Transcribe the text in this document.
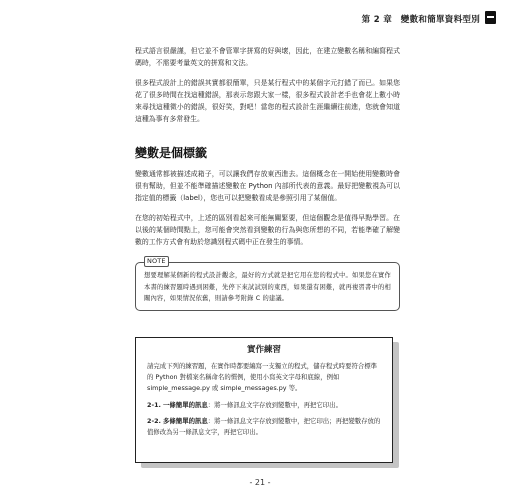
第 2 章　變數和簡單資料型別

程式語言很嚴謹，但它並不會管單字拼寫的好與壞，因此，在建立變數名稱和編寫程式碼時，不需要考量英文的拼寫和文法。

很多程式設計上的錯誤其實都很簡單，只是某行程式中的某個字元打錯了而已。如果您花了很多時間在找這種錯誤，那表示您跟大家一樣，很多程式設計老手也會花上數小時來尋找這種微小的錯誤，很好笑，對吧！當您的程式設計生涯繼續往前進，您就會知道這種為事有多常發生。

變數是個標籤

變數通常都被描述成箱子，可以讓我們存放東西進去。這個概念在一開始使用變數時會很有幫助，但並不能準確描述變數在 Python 內部所代表的意義。最好把變數視為可以指定值的標籤（label），您也可以把變數看成是參照引用了某個值。

在您的初始程式中，上述的區別看起來可能無關緊要，但這個觀念是值得早點學習。在以後的某個時間點上，您可能會突然看到變數的行為與您所想的不同，若能準確了解變數的工作方式會有助於您識別程式碼中正在發生的事情。

NOTE

想要理解某個新的程式設計觀念，最好的方式就是把它用在您的程式中。如果您在實作本書的練習題時遇到困難，先停下來試試別的東西，如果還有困難，就再複習書中的相關內容，如果情況依舊，則請參考附錄 C 的建議。

實作練習

請完成下列的練習題，在實作時都要編寫一支獨立的程式，儲存程式時要符合標準的 Python 對檔案名稱命名的慣例，使用小寫英文字母和底線，例如 simple_message.py 或 simple_messages.py 等。

2-1. 一條簡單的訊息：將一條訊息文字存放到變數中，再把它印出。

2-2. 多條簡單的訊息：將一條訊息文字存放到變數中，把它印出；再把變數存放的值修改為另一條訊息文字，再把它印出。

- 21 -
